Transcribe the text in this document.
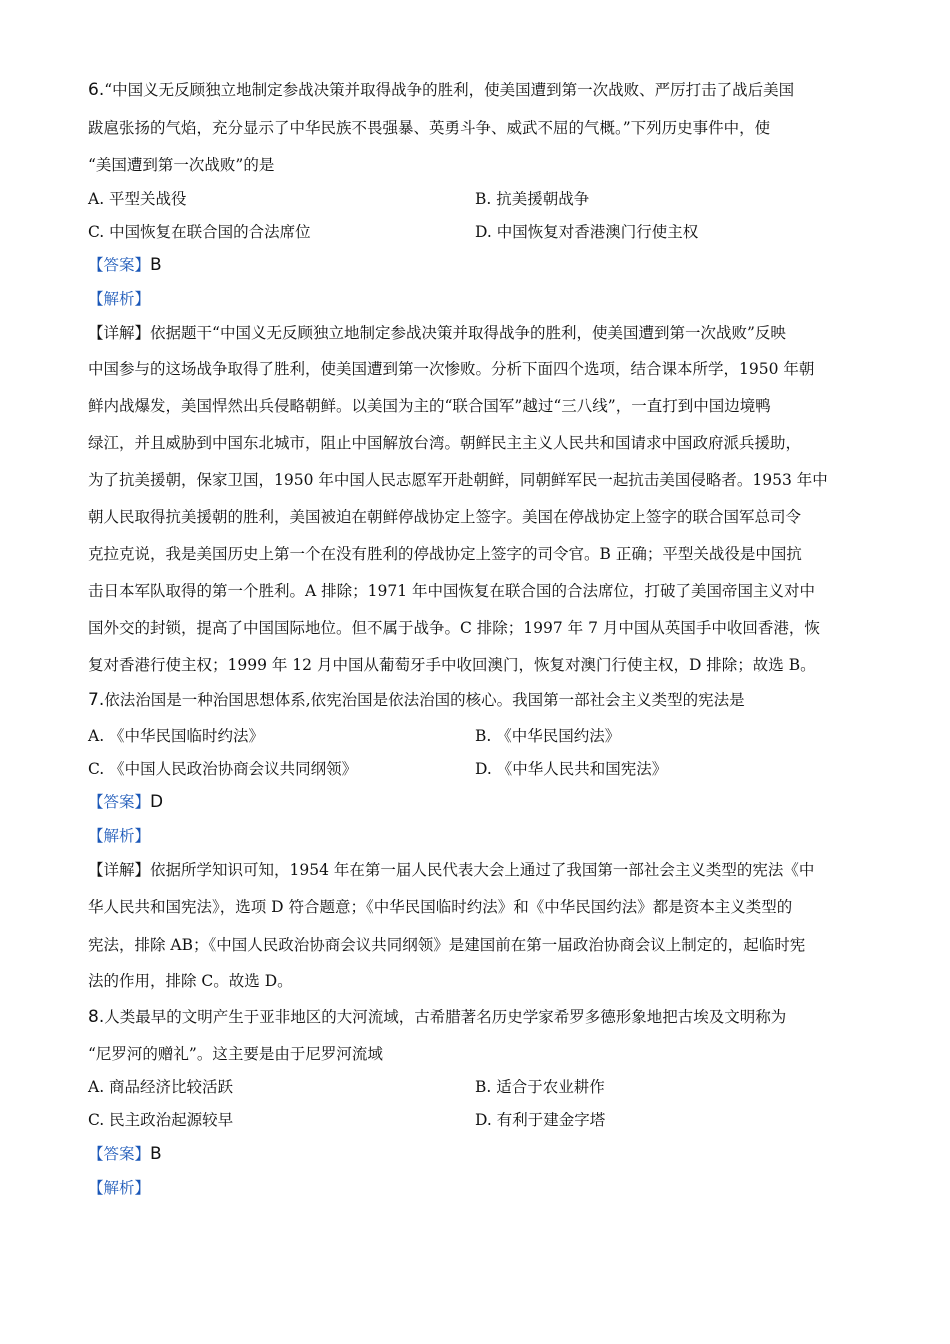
6.“中国义无反顾独立地制定参战决策并取得战争的胜利，使美国遭到第一次战败、严厉打击了战后美国
跋扈张扬的气焰，充分显示了中华民族不畏强暴、英勇斗争、威武不屈的气概。”下列历史事件中，使
“美国遭到第一次战败”的是
A. 平型关战役	B. 抗美援朝战争
C. 中国恢复在联合国的合法席位	D. 中国恢复对香港澳门行使主权
【答案】B
【解析】
【详解】依据题干“中国义无反顾独立地制定参战决策并取得战争的胜利，使美国遭到第一次战败”反映
中国参与的这场战争取得了胜利，使美国遭到第一次惨败。分析下面四个选项，结合课本所学，1950 年朝
鲜内战爆发，美国悍然出兵侵略朝鲜。以美国为主的“联合国军”越过“三八线”，一直打到中国边境鸭
绿江，并且威胁到中国东北城市，阻止中国解放台湾。朝鲜民主主义人民共和国请求中国政府派兵援助，
为了抗美援朝，保家卫国，1950 年中国人民志愿军开赴朝鲜，同朝鲜军民一起抗击美国侵略者。1953 年中
朝人民取得抗美援朝的胜利，美国被迫在朝鲜停战协定上签字。美国在停战协定上签字的联合国军总司令
克拉克说，我是美国历史上第一个在没有胜利的停战协定上签字的司令官。B 正确；平型关战役是中国抗
击日本军队取得的第一个胜利。A 排除；1971 年中国恢复在联合国的合法席位，打破了美国帝国主义对中
国外交的封锁，提高了中国国际地位。但不属于战争。C 排除；1997 年 7 月中国从英国手中收回香港，恢
复对香港行使主权；1999 年 12 月中国从葡萄牙手中收回澳门，恢复对澳门行使主权，D 排除；故选 B。
7.依法治国是一种治国思想体系,依宪治国是依法治国的核心。我国第一部社会主义类型的宪法是
A. 《中华民国临时约法》	B. 《中华民国约法》
C. 《中国人民政治协商会议共同纲领》	D. 《中华人民共和国宪法》
【答案】D
【解析】
【详解】依据所学知识可知，1954 年在第一届人民代表大会上通过了我国第一部社会主义类型的宪法《中
华人民共和国宪法》，选项 D 符合题意；《中华民国临时约法》和《中华民国约法》都是资本主义类型的
宪法，排除 AB；《中国人民政治协商会议共同纲领》是建国前在第一届政治协商会议上制定的，起临时宪
法的作用，排除 C。故选 D。
8.人类最早的文明产生于亚非地区的大河流域，古希腊著名历史学家希罗多德形象地把古埃及文明称为
“尼罗河的赠礼”。这主要是由于尼罗河流域
A. 商品经济比较活跃	B. 适合于农业耕作
C. 民主政治起源较早	D. 有利于建金字塔
【答案】B
【解析】
